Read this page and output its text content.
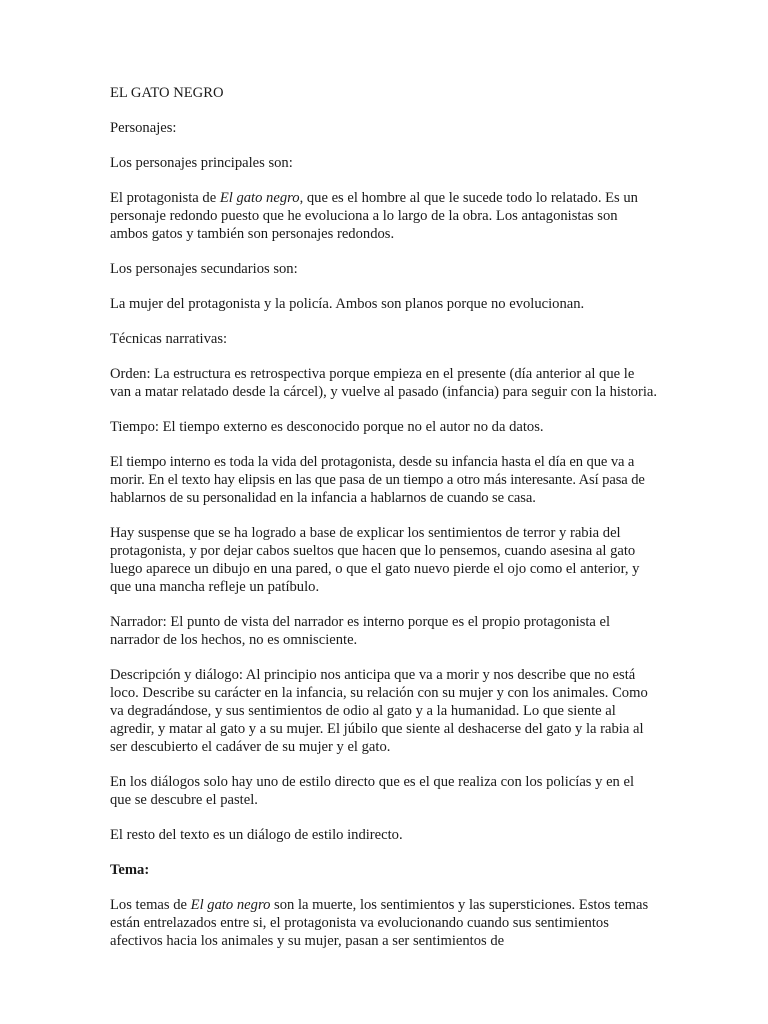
EL GATO NEGRO

Personajes:

Los personajes principales son:

El protagonista de El gato negro, que es el hombre al que le sucede todo lo relatado. Es un personaje redondo puesto que he evoluciona a lo largo de la obra. Los antagonistas son ambos gatos y también son personajes redondos.

Los personajes secundarios son:

La mujer del protagonista y la policía. Ambos son planos porque no evolucionan.

Técnicas narrativas:

Orden: La estructura es retrospectiva porque empieza en el presente (día anterior al que le van a matar relatado desde la cárcel), y vuelve al pasado (infancia) para seguir con la historia.

Tiempo: El tiempo externo es desconocido porque no el autor no da datos.

El tiempo interno es toda la vida del protagonista, desde su infancia hasta el día en que va a morir. En el texto hay elipsis en las que pasa de un tiempo a otro más interesante. Así pasa de hablarnos de su personalidad en la infancia a hablarnos de cuando se casa.

Hay suspense que se ha logrado a base de explicar los sentimientos de terror y rabia del protagonista, y por dejar cabos sueltos que hacen que lo pensemos, cuando asesina al gato luego aparece un dibujo en una pared, o que el gato nuevo pierde el ojo como el anterior, y que una mancha refleje un patíbulo.

Narrador: El punto de vista del narrador es interno porque es el propio protagonista el narrador de los hechos, no es omnisciente.

Descripción y diálogo: Al principio nos anticipa que va a morir y nos describe que no está loco. Describe su carácter en la infancia, su relación con su mujer y con los animales. Como va degradándose, y sus sentimientos de odio al gato y a la humanidad. Lo que siente al agredir, y matar al gato y a su mujer. El júbilo que siente al deshacerse del gato y la rabia al ser descubierto el cadáver de su mujer y el gato.

En los diálogos solo hay uno de estilo directo que es el que realiza con los policías y en el que se descubre el pastel.

El resto del texto es un diálogo de estilo indirecto.

Tema:

Los temas de El gato negro son la muerte, los sentimientos y las supersticiones. Estos temas están entrelazados entre si, el protagonista va evolucionando cuando sus sentimientos afectivos hacia los animales y su mujer, pasan a ser sentimientos de
